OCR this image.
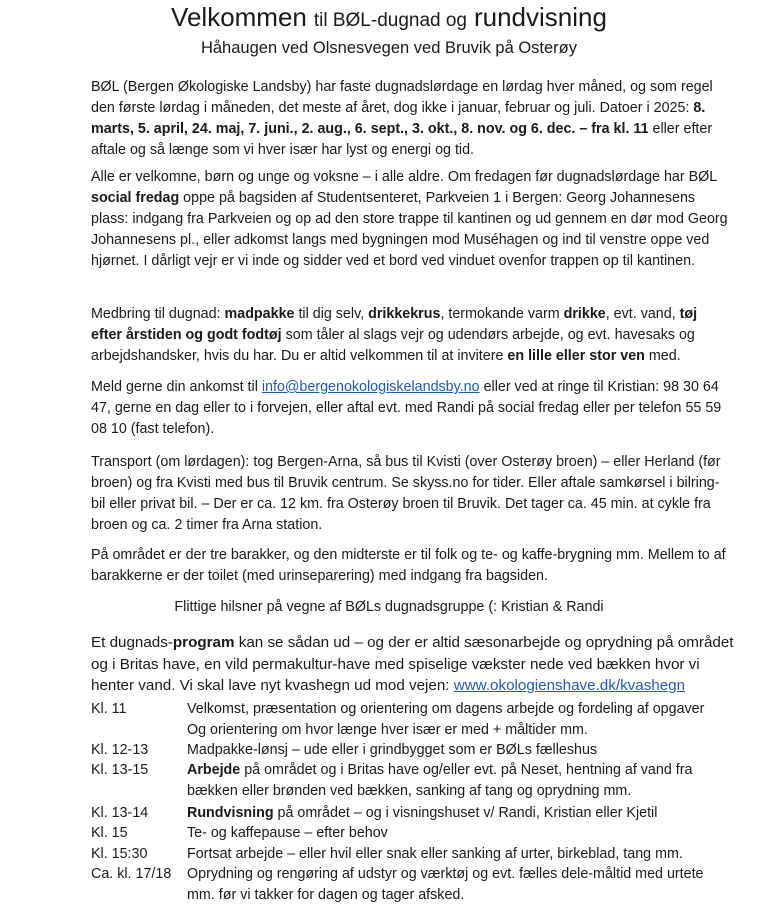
Velkommen til BØL-dugnad og rundvisning

Håhaugen ved Olsnesvegen ved Bruvik på Osterøy

BØL (Bergen Økologiske Landsby) har faste dugnadslørdage en lørdag hver måned, og som regel den første lørdag i måneden, det meste af året, dog ikke i januar, februar og juli. Datoer i 2025: 8. marts, 5. april, 24. maj, 7. juni., 2. aug., 6. sept., 3. okt., 8. nov. og 6. dec. – fra kl. 11 eller efter aftale og så længe som vi hver især har lyst og energi og tid.

Alle er velkomne, børn og unge og voksne – i alle aldre. Om fredagen før dugnadslørdage har BØL social fredag oppe på bagsiden af Studentsenteret, Parkveien 1 i Bergen: Georg Johannesens plass: indgang fra Parkveien og op ad den store trappe til kantinen og ud gennem en dør mod Georg Johannesens pl., eller adkomst langs med bygningen mod Muséhagen og ind til venstre oppe ved hjørnet. I dårligt vejr er vi inde og sidder ved et bord ved vinduet ovenfor trappen op til kantinen.

Medbring til dugnad: madpakke til dig selv, drikkekrus, termokande varm drikke, evt. vand, tøj efter årstiden og godt fodtøj som tåler al slags vejr og udendørs arbejde, og evt. havesaks og arbejdshandsker, hvis du har. Du er altid velkommen til at invitere en lille eller stor ven med.

Meld gerne din ankomst til info@bergenokologiskelandsby.no eller ved at ringe til Kristian: 98 30 64 47, gerne en dag eller to i forvejen, eller aftal evt. med Randi på social fredag eller per telefon 55 59 08 10 (fast telefon).

Transport (om lørdagen): tog Bergen-Arna, så bus til Kvisti (over Osterøy broen) – eller Herland (før broen) og fra Kvisti med bus til Bruvik centrum. Se skyss.no for tider. Eller aftale samkørsel i bilring-bil eller privat bil. – Der er ca. 12 km. fra Osterøy broen til Bruvik. Det tager ca. 45 min. at cykle fra broen og ca. 2 timer fra Arna station.

På området er der tre barakker, og den midterste er til folk og te- og kaffe-brygning mm. Mellem to af barakkerne er der toilet (med urinseparering) med indgang fra bagsiden.

Flittige hilsner på vegne af BØLs dugnadsgruppe (: Kristian & Randi

Et dugnads-program kan se sådan ud – og der er altid sæsonarbejde og oprydning på området og i Britas have, en vild permakultur-have med spiselige vækster nede ved bækken hvor vi henter vand. Vi skal lave nyt kvashegn ud mod vejen: www.okologienshave.dk/kvashegn

Kl. 11	Velkomst, præsentation og orientering om dagens arbejde og fordeling af opgaver Og orientering om hvor længe hver især er med + måltider mm.
Kl. 12-13	Madpakke-lønsj – ude eller i grindbygget som er BØLs fælleshus
Kl. 13-15	Arbejde på området og i Britas have og/eller evt. på Neset, hentning af vand fra bækken eller brønden ved bækken, sanking af tang og oprydning mm.
Kl. 13-14	Rundvisning på området – og i visningshuset v/ Randi, Kristian eller Kjetil
Kl. 15	Te- og kaffepause – efter behov
Kl. 15:30	Fortsat arbejde – eller hvil eller snak eller sanking af urter, birkeblad, tang mm.
Ca. kl. 17/18	Oprydning og rengøring af udstyr og værktøj og evt. fælles dele-måltid med urtete mm. før vi takker for dagen og tager afsked.
